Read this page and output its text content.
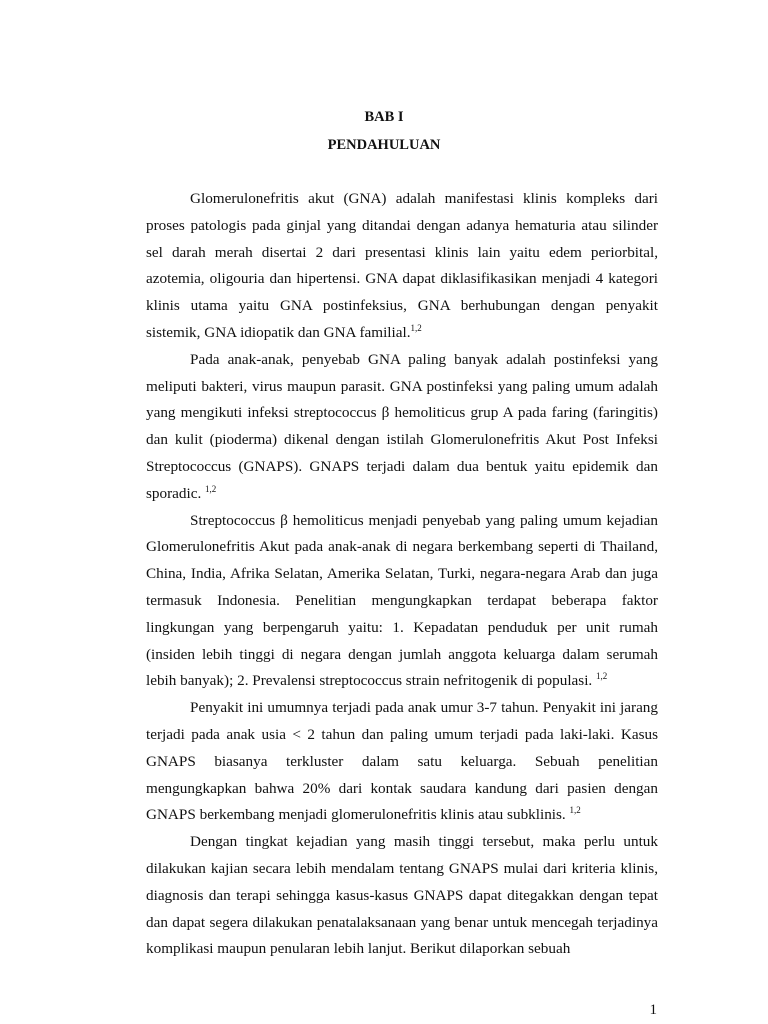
BAB I
PENDAHULUAN

Glomerulonefritis akut (GNA) adalah manifestasi klinis kompleks dari proses patologis pada ginjal yang ditandai dengan adanya hematuria atau silinder sel darah merah disertai 2 dari presentasi klinis lain yaitu edem periorbital, azotemia, oligouria dan hipertensi. GNA dapat diklasifikasikan menjadi 4 kategori klinis utama yaitu GNA postinfeksius, GNA berhubungan dengan penyakit sistemik, GNA idiopatik dan GNA familial.$^{1,2}$

Pada anak-anak, penyebab GNA paling banyak adalah postinfeksi yang meliputi bakteri, virus maupun parasit. GNA postinfeksi yang paling umum adalah yang mengikuti infeksi streptococcus β hemoliticus grup A pada faring (faringitis) dan kulit (pioderma) dikenal dengan istilah Glomerulonefritis Akut Post Infeksi Streptococcus (GNAPS). GNAPS terjadi dalam dua bentuk yaitu epidemik dan sporadic. $^{1,2}$

Streptococcus β hemoliticus menjadi penyebab yang paling umum kejadian Glomerulonefritis Akut pada anak-anak di negara berkembang seperti di Thailand, China, India, Afrika Selatan, Amerika Selatan, Turki, negara-negara Arab dan juga termasuk Indonesia. Penelitian mengungkapkan terdapat beberapa faktor lingkungan yang berpengaruh yaitu: 1. Kepadatan penduduk per unit rumah (insiden lebih tinggi di negara dengan jumlah anggota keluarga dalam serumah lebih banyak); 2. Prevalensi streptococcus strain nefritogenik di populasi. $^{1,2}$

Penyakit ini umumnya terjadi pada anak umur 3-7 tahun. Penyakit ini jarang terjadi pada anak usia < 2 tahun dan paling umum terjadi pada laki-laki. Kasus GNAPS biasanya terkluster dalam satu keluarga. Sebuah penelitian mengungkapkan bahwa 20% dari kontak saudara kandung dari pasien dengan GNAPS berkembang menjadi glomerulonefritis klinis atau subklinis. $^{1,2}$

Dengan tingkat kejadian yang masih tinggi tersebut, maka perlu untuk dilakukan kajian secara lebih mendalam tentang GNAPS mulai dari kriteria klinis, diagnosis dan terapi sehingga kasus-kasus GNAPS dapat ditegakkan dengan tepat dan dapat segera dilakukan penatalaksanaan yang benar untuk mencegah terjadinya komplikasi maupun penularan lebih lanjut. Berikut dilaporkan sebuah

1
